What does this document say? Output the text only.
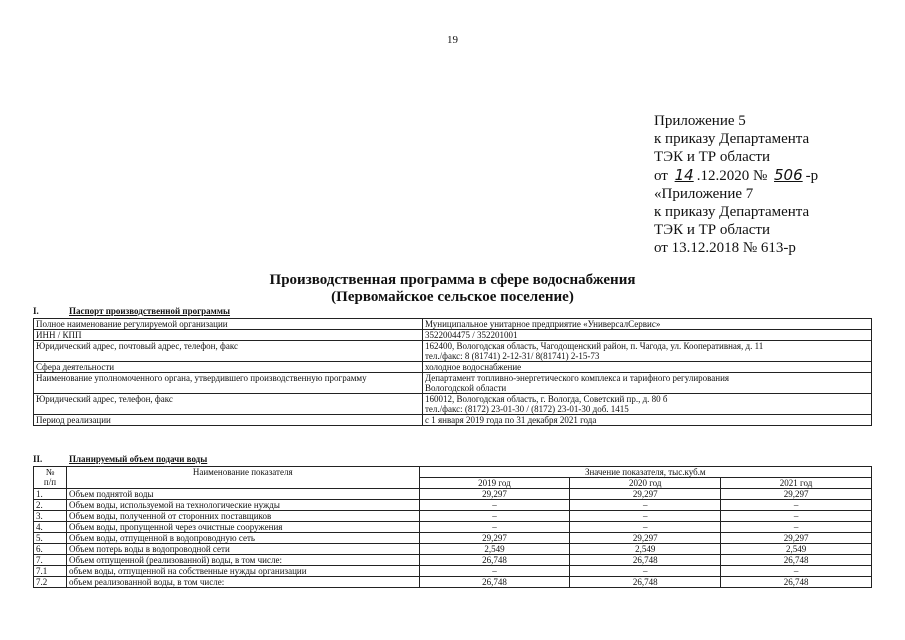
19
Приложение 5
к приказу Департамента
ТЭК и ТР области
от 14 .12.2020 № 506 -р
«Приложение 7
к приказу Департамента
ТЭК и ТР области
от 13.12.2018 № 613-р
Производственная программа в сфере водоснабжения
(Первомайское сельское поселение)
I.	Паспорт производственной программы
Полное наименование регулируемой организации	Муниципальное унитарное предприятие «УниверсалСервис»

ИНН / КПП	3522004475 / 352201001

Юридический адрес, почтовый адрес, телефон, факс	162400, Вологодская область, Чагодощенский район, п. Чагода, ул. Кооперативная, д. 11
тел./факс: 8 (81741) 2-12-31/ 8(81741) 2-15-73

Сфера деятельности	холодное водоснабжение

Наименование уполномоченного органа, утвердившего производственную программу	Департамент топливно-энергетического комплекса и тарифного регулирования
Вологодской области

Юридический адрес, телефон, факс	160012, Вологодская область, г. Вологда, Советский пр., д. 80 б
тел./факс: (8172) 23-01-30 / (8172) 23-01-30 доб. 1415

Период реализации	с 1 января 2019 года по 31 декабря 2021 года
II.	Планируемый объем подачи воды
№
п/п	Наименование показателя	Значение показателя, тыс.куб.м		
		2019 год	2020 год	2021 год
1.	Объем поднятой воды	29,297	29,297	29,297
2.	Объем воды, используемой на технологические нужды	–	–	–
3.	Объем воды, полученной от сторонних поставщиков	–	–	–
4.	Объем воды, пропущенной через очистные сооружения	–	–	–
5.	Объем воды, отпущенной в водопроводную сеть	29,297	29,297	29,297
6.	Объем потерь воды в водопроводной сети	2,549	2,549	2,549
7.	Объем отпущенной (реализованной) воды, в том числе:	26,748	26,748	26,748
7.1	объем воды, отпущенной на собственные нужды организации	–	–	–
7.2	объем реализованной воды, в том числе:	26,748	26,748	26,748
